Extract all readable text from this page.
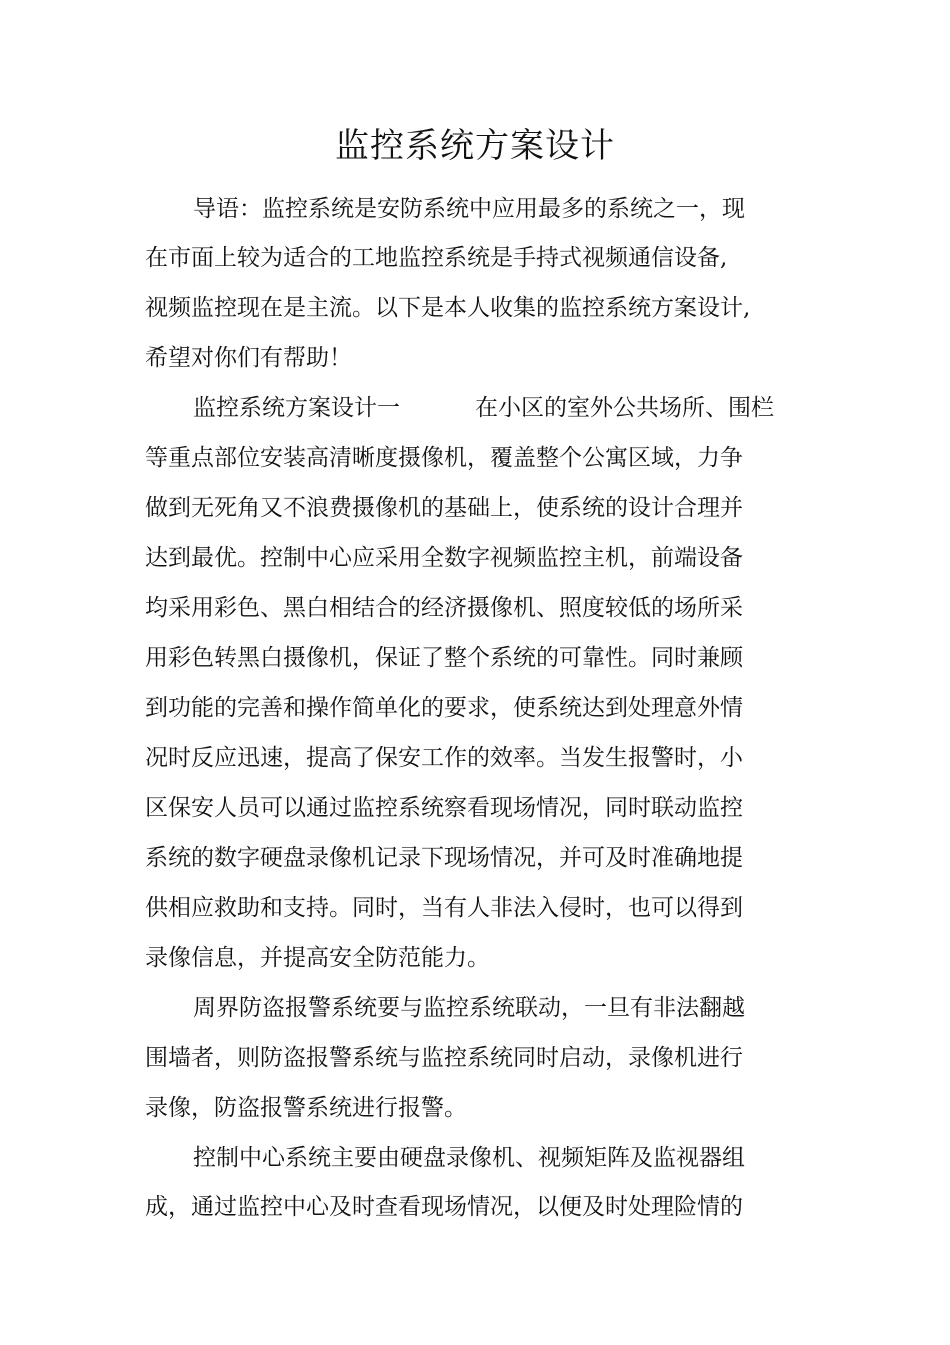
监控系统方案设计
导语：监控系统是安防系统中应用最多的系统之一，现
在市面上较为适合的工地监控系统是手持式视频通信设备,
视频监控现在是主流。以下是本人收集的监控系统方案设计,
希望对你们有帮助！
监控系统方案设计一	在小区的室外公共场所、围栏
等重点部位安装高清晰度摄像机，覆盖整个公寓区域，力争
做到无死角又不浪费摄像机的基础上，使系统的设计合理并
达到最优。控制中心应采用全数字视频监控主机，前端设备
均采用彩色、黑白相结合的经济摄像机、照度较低的场所采
用彩色转黑白摄像机，保证了整个系统的可靠性。同时兼顾
到功能的完善和操作简单化的要求，使系统达到处理意外情
况时反应迅速，提高了保安工作的效率。当发生报警时，小
区保安人员可以通过监控系统察看现场情况，同时联动监控
系统的数字硬盘录像机记录下现场情况，并可及时准确地提
供相应救助和支持。同时，当有人非法入侵时，也可以得到
录像信息，并提高安全防范能力。
周界防盗报警系统要与监控系统联动，一旦有非法翻越
围墙者，则防盗报警系统与监控系统同时启动，录像机进行
录像，防盗报警系统进行报警。
控制中心系统主要由硬盘录像机、视频矩阵及监视器组
成，通过监控中心及时查看现场情况，以便及时处理险情的
